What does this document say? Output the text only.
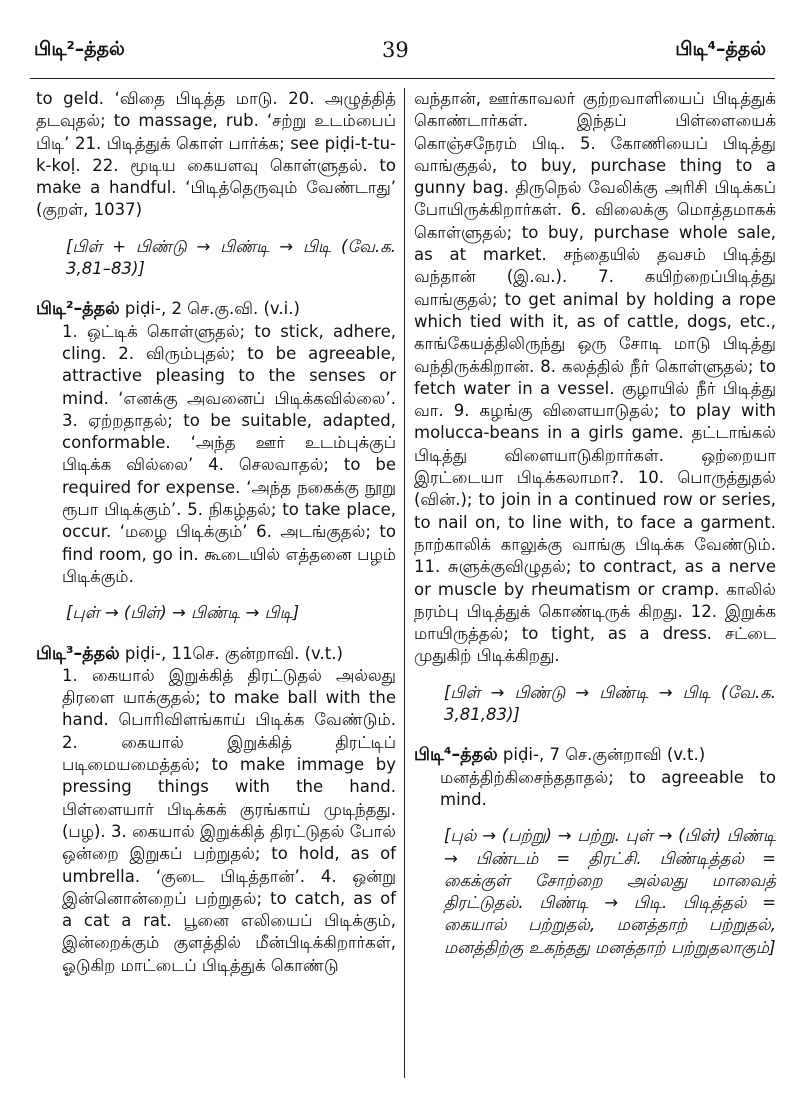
பிடி²–த்தல்	39	பிடி⁴–த்தல்

to geld. ‘விதை பிடித்த மாடு. 20. அழுத்தித் தடவுதல்; to massage, rub. ‘சற்று உடம்பைப் பிடி’ 21. பிடித்துக் கொள் பார்க்க; see piḍi-t-tu-k-koḷ. 22. மூடிய கையளவு கொள்ளுதல். to make a handful. ‘பிடித்தெருவும் வேண்டாது’ (குறள், 1037)

[பிள் + பிண்டு → பிண்டி → பிடி (வே.க. 3,81–83)]

பிடி²–த்தல் piḍi-, 2 செ.கு.வி. (v.i.)

1. ஒட்டிக் கொள்ளுதல்; to stick, adhere, cling. 2. விரும்புதல்; to be agreeable, attractive pleasing to the senses or mind. ‘எனக்கு அவனைப் பிடிக்கவில்லை’. 3. ஏற்றதாதல்; to be suitable, adapted, conformable. ‘அந்த ஊர் உடம்புக்குப் பிடிக்க வில்லை’ 4. செலவாதல்; to be required for expense. ‘அந்த நகைக்கு நூறு ரூபா பிடிக்கும்’. 5. நிகழ்தல்; to take place, occur. ‘மழை பிடிக்கும்’ 6. அடங்குதல்; to find room, go in. கூடையில் எத்தனை பழம் பிடிக்கும்.

[புள் → (பிள்) → பிண்டி → பிடி]

பிடி³–த்தல் piḍi-, 11செ. குன்றாவி. (v.t.)

1. கையால் இறுக்கித் திரட்டுதல் அல்லது திரளை யாக்குதல்; to make ball with the hand. பொரிவிளங்காய் பிடிக்க வேண்டும். 2. கையால் இறுக்கித் திரட்டிப் படிமையமைத்தல்; to make immage by pressing things with the hand. பிள்ளையார் பிடிக்கக் குரங்காய் முடிந்தது. (பழ). 3. கையால் இறுக்கித் திரட்டுதல் போல் ஒன்றை இறுகப் பற்றுதல்; to hold, as of umbrella. ‘குடை பிடித்தான்’. 4. ஒன்று இன்னொன்றைப் பற்றுதல்; to catch, as of a cat a rat. பூனை எலியைப் பிடிக்கும், இன்றைக்கும் குளத்தில் மீன்பிடிக்கிறார்கள், ஓடுகிற மாட்டைப் பிடித்துக் கொண்டு

வந்தான், ஊர்காவலர் குற்றவாளியைப் பிடித்துக் கொண்டார்கள். இந்தப் பிள்ளையைக் கொஞ்சநேரம் பிடி. 5. கோணியைப் பிடித்து வாங்குதல், to buy, purchase thing to a gunny bag. திருநெல் வேலிக்கு அரிசி பிடிக்கப் போயிருக்கிறார்கள். 6. விலைக்கு மொத்தமாகக் கொள்ளுதல்; to buy, purchase whole sale, as at market. சந்தையில் தவசம் பிடித்து வந்தான் (இ.வ.). 7. கயிற்றைப்பிடித்து வாங்குதல்; to get animal by holding a rope which tied with it, as of cattle, dogs, etc., காங்கேயத்திலிருந்து ஒரு சோடி மாடு பிடித்து வந்திருக்கிறான். 8. கலத்தில் நீர் கொள்ளுதல்; to fetch water in a vessel. குழாயில் நீர் பிடித்து வா. 9. கழங்கு விளையாடுதல்; to play with molucca-beans in a girls game. தட்டாங்கல் பிடித்து விளையாடுகிறார்கள். ஒற்றையா இரட்டையா பிடிக்கலாமா?. 10. பொருத்துதல் (வின்.); to join in a continued row or series, to nail on, to line with, to face a garment. நாற்காலிக் காலுக்கு வாங்கு பிடிக்க வேண்டும். 11. சுளுக்குவிழுதல்; to contract, as a nerve or muscle by rheumatism or cramp. காலில் நரம்பு பிடித்துக் கொண்டிருக் கிறது. 12. இறுக்க மாயிருத்தல்; to tight, as a dress. சட்டை முதுகிற் பிடிக்கிறது.

[பிள் → பிண்டு → பிண்டி → பிடி (வே.க. 3,81,83)]

பிடி⁴–த்தல் piḍi-, 7 செ.குன்றாவி (v.t.)

மனத்திற்கிசைந்ததாதல்; to agreeable to mind.

[புல் → (பற்று) → பற்று. புள் → (பிள்) பிண்டி → பிண்டம் = திரட்சி. பிண்டித்தல் = கைக்குள் சோற்றை அல்லது மாவைத் திரட்டுதல். பிண்டி → பிடி. பிடித்தல் = கையால் பற்றுதல், மனத்தாற் பற்றுதல், மனத்திற்கு உகந்தது மனத்தாற் பற்றுதலாகும்]
